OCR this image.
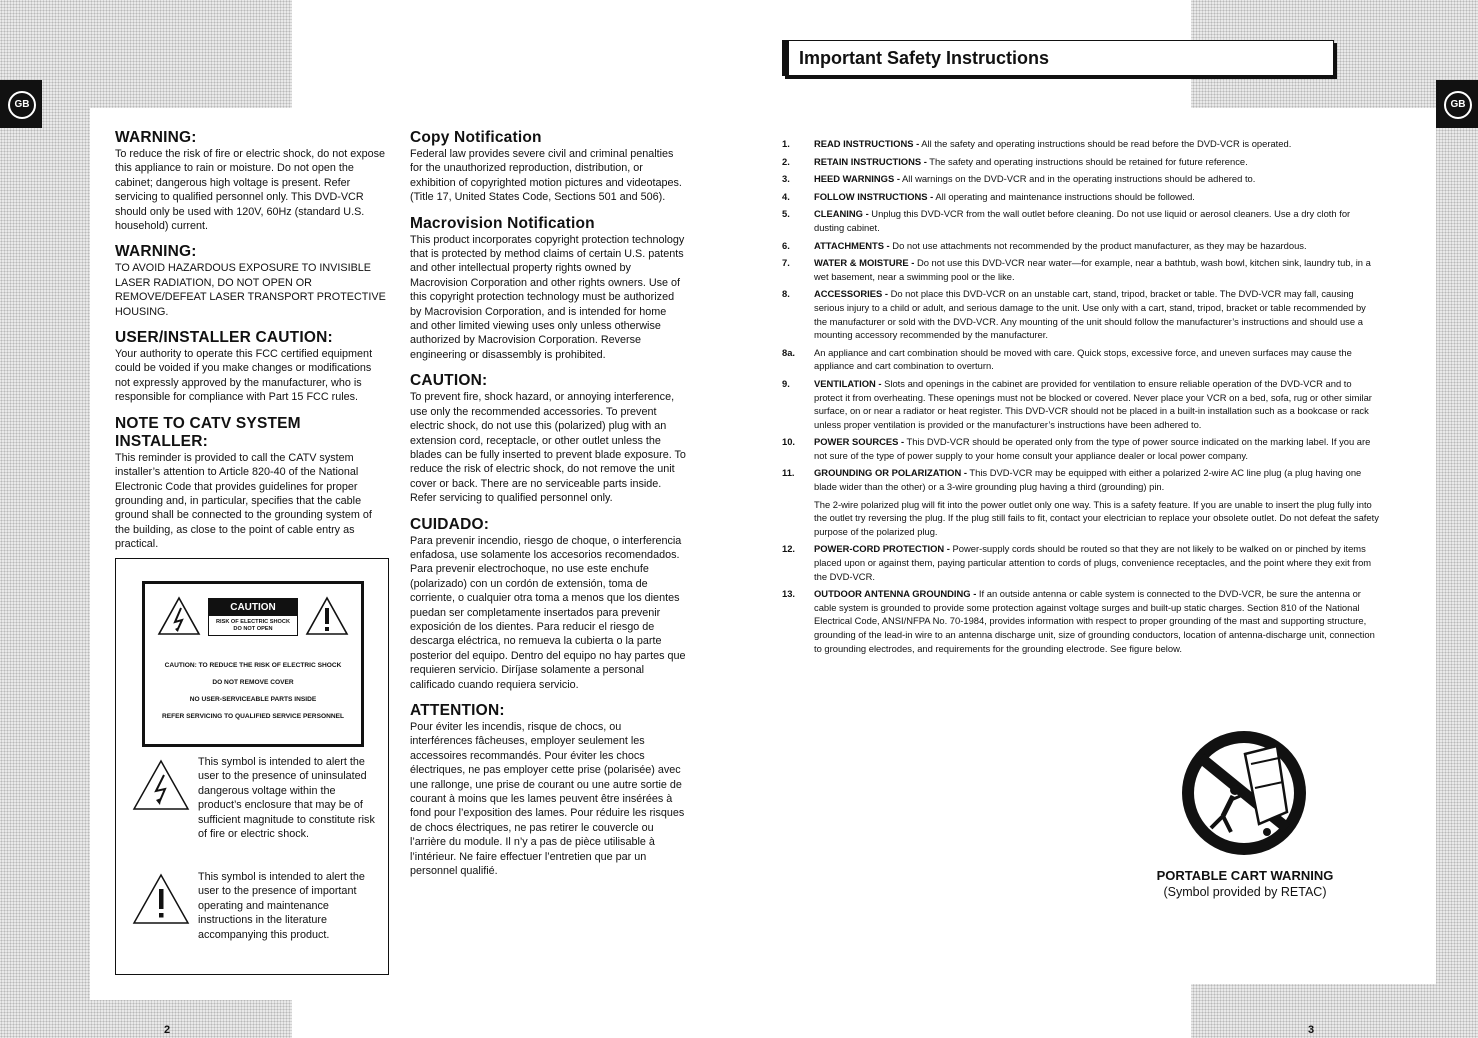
GB	GB

WARNING:

To reduce the risk of fire or electric shock, do not expose this appliance to rain or moisture. Do not open the cabinet; dangerous high voltage is present. Refer servicing to qualified personnel only. This DVD-VCR should only be used with 120V, 60Hz (standard U.S. household) current.

WARNING:

TO AVOID HAZARDOUS EXPOSURE TO INVISIBLE LASER RADIATION, DO NOT OPEN OR REMOVE/DEFEAT LASER TRANSPORT PROTECTIVE HOUSING.

USER/INSTALLER CAUTION:

Your authority to operate this FCC certified equipment could be voided if you make changes or modifications not expressly approved by the manufacturer, who is responsible for compliance with Part 15 FCC rules.

NOTE TO CATV SYSTEM INSTALLER:

This reminder is provided to call the CATV system installer’s attention to Article 820-40 of the National Electronic Code that provides guidelines for proper grounding and, in particular, specifies that the cable ground shall be connected to the grounding system of the building, as close to the point of cable entry as practical.

CAUTION
RISK OF ELECTRIC SHOCK
DO NOT OPEN
CAUTION: TO REDUCE THE RISK OF ELECTRIC SHOCK
DO NOT REMOVE COVER
NO USER-SERVICEABLE PARTS INSIDE
REFER SERVICING TO QUALIFIED SERVICE PERSONNEL
This symbol is intended to alert the user to the presence of uninsulated dangerous voltage within the product’s enclosure that may be of sufficient magnitude to constitute risk of fire or electric shock.
This symbol is intended to alert the user to the presence of important operating and maintenance instructions in the literature accompanying this product.

Copy Notification

Federal law provides severe civil and criminal penalties for the unauthorized reproduction, distribution, or exhibition of copyrighted motion pictures and videotapes. (Title 17, United States Code, Sections 501 and 506).

Macrovision Notification

This product incorporates copyright protection technology that is protected by method claims of certain U.S. patents and other intellectual property rights owned by Macrovision Corporation and other rights owners. Use of this copyright protection technology must be authorized by Macrovision Corporation, and is intended for home and other limited viewing uses only unless otherwise authorized by Macrovision Corporation. Reverse engineering or disassembly is prohibited.

CAUTION:

To prevent fire, shock hazard, or annoying interference, use only the recommended accessories. To prevent electric shock, do not use this (polarized) plug with an extension cord, receptacle, or other outlet unless the blades can be fully inserted to prevent blade exposure. To reduce the risk of electric shock, do not remove the unit cover or back. There are no serviceable parts inside. Refer servicing to qualified personnel only.

CUIDADO:

Para prevenir incendio, riesgo de choque, o interferencia enfadosa, use solamente los accesorios recomendados. Para prevenir electrochoque, no use este enchufe (polarizado) con un cordón de extensión, toma de corriente, o cualquier otra toma a menos que los dientes puedan ser completamente insertados para prevenir exposición de los dientes. Para reducir el riesgo de descarga eléctrica, no remueva la cubierta o la parte posterior del equipo. Dentro del equipo no hay partes que requieren servicio. Diríjase solamente a personal calificado cuando requiera servicio.

ATTENTION:

Pour éviter les incendis, risque de chocs, ou interférences fâcheuses, employer seulement les accessoires recommandés. Pour éviter les chocs électriques, ne pas employer cette prise (polarisée) avec une rallonge, une prise de courant ou une autre sortie de courant à moins que les lames peuvent être insérées à fond pour l’exposition des lames. Pour réduire les risques de chocs électriques, ne pas retirer le couvercle ou l’arrière du module. Il n’y a pas de pièce utilisable à l’intérieur. Ne faire effectuer l’entretien que par un personnel qualifié.

2	3
Important Safety Instructions
1.	READ INSTRUCTIONS - All the safety and operating instructions should be read before the DVD-VCR is operated.
2.	RETAIN INSTRUCTIONS - The safety and operating instructions should be retained for future reference.
3.	HEED WARNINGS - All warnings on the DVD-VCR and in the operating instructions should be adhered to.
4.	FOLLOW INSTRUCTIONS - All operating and maintenance instructions should be followed.
5.	CLEANING - Unplug this DVD-VCR from the wall outlet before cleaning. Do not use liquid or aerosol cleaners. Use a dry cloth for dusting cabinet.
6.	ATTACHMENTS - Do not use attachments not recommended by the product manufacturer, as they may be hazardous.
7.	WATER & MOISTURE - Do not use this DVD-VCR near water—for example, near a bathtub, wash bowl, kitchen sink, laundry tub, in a wet basement, near a swimming pool or the like.
8.	ACCESSORIES - Do not place this DVD-VCR on an unstable cart, stand, tripod, bracket or table. The DVD-VCR may fall, causing serious injury to a child or adult, and serious damage to the unit. Use only with a cart, stand, tripod, bracket or table recommended by the manufacturer or sold with the DVD-VCR. Any mounting of the unit should follow the manufacturer’s instructions and should use a mounting accessory recommended by the manufacturer.
8a.	An appliance and cart combination should be moved with care. Quick stops, excessive force, and uneven surfaces may cause the appliance and cart combination to overturn.
9.	VENTILATION - Slots and openings in the cabinet are provided for ventilation to ensure reliable operation of the DVD-VCR and to protect it from overheating. These openings must not be blocked or covered. Never place your VCR on a bed, sofa, rug or other similar surface, on or near a radiator or heat register. This DVD-VCR should not be placed in a built-in installation such as a bookcase or rack unless proper ventilation is provided or the manufacturer’s instructions have been adhered to.
10.	POWER SOURCES - This DVD-VCR should be operated only from the type of power source indicated on the marking label. If you are not sure of the type of power supply to your home consult your appliance dealer or local power company.
11.	GROUNDING OR POLARIZATION - This DVD-VCR may be equipped with either a polarized 2-wire AC line plug (a plug having one blade wider than the other) or a 3-wire grounding plug having a third (grounding) pin.
The 2-wire polarized plug will fit into the power outlet only one way. This is a safety feature. If you are unable to insert the plug fully into the outlet try reversing the plug. If the plug still fails to fit, contact your electrician to replace your obsolete outlet. Do not defeat the safety purpose of the polarized plug.
12.	POWER-CORD PROTECTION - Power-supply cords should be routed so that they are not likely to be walked on or pinched by items placed upon or against them, paying particular attention to cords of plugs, convenience receptacles, and the point where they exit from the DVD-VCR.
13.	OUTDOOR ANTENNA GROUNDING - If an outside antenna or cable system is connected to the DVD-VCR, be sure the antenna or cable system is grounded to provide some protection against voltage surges and built-up static charges. Section 810 of the National Electrical Code, ANSI/NFPA No. 70-1984, provides information with respect to proper grounding of the mast and supporting structure, grounding of the lead-in wire to an antenna discharge unit, size of grounding conductors, location of antenna-discharge unit, connection to grounding electrodes, and requirements for the grounding electrode. See figure below.
PORTABLE CART WARNING
(Symbol provided by RETAC)
